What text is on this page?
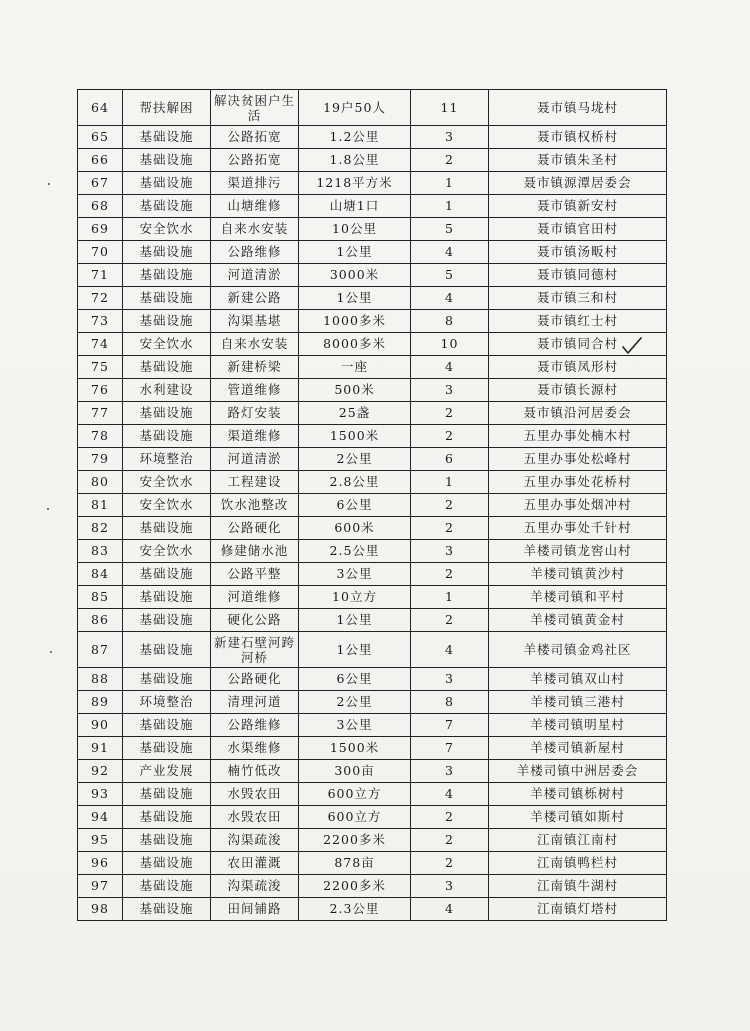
64	帮扶解困	解决贫困户生活	19户50人	11	聂市镇马垅村
65	基础设施	公路拓宽	1.2公里	3	聂市镇权桥村
66	基础设施	公路拓宽	1.8公里	2	聂市镇朱圣村
67	基础设施	渠道排污	1218平方米	1	聂市镇源潭居委会
68	基础设施	山塘维修	山塘1口	1	聂市镇新安村
69	安全饮水	自来水安装	10公里	5	聂市镇官田村
70	基础设施	公路维修	1公里	4	聂市镇汤畈村
71	基础设施	河道清淤	3000米	5	聂市镇同德村
72	基础设施	新建公路	1公里	4	聂市镇三和村
73	基础设施	沟渠基堪	1000多米	8	聂市镇红士村
74	安全饮水	自来水安装	8000多米	10	聂市镇同合村
75	基础设施	新建桥梁	一座	4	聂市镇凤形村
76	水利建设	管道维修	500米	3	聂市镇长源村
77	基础设施	路灯安装	25盏	2	聂市镇沿河居委会
78	基础设施	渠道维修	1500米	2	五里办事处楠木村
79	环境整治	河道清淤	2公里	6	五里办事处松峰村
80	安全饮水	工程建设	2.8公里	1	五里办事处花桥村
81	安全饮水	饮水池整改	6公里	2	五里办事处烟冲村
82	基础设施	公路硬化	600米	2	五里办事处千针村
83	安全饮水	修建储水池	2.5公里	3	羊楼司镇龙窖山村
84	基础设施	公路平整	3公里	2	羊楼司镇黄沙村
85	基础设施	河道维修	10立方	1	羊楼司镇和平村
86	基础设施	硬化公路	1公里	2	羊楼司镇黄金村
87	基础设施	新建石壁河跨河桥	1公里	4	羊楼司镇金鸡社区
88	基础设施	公路硬化	6公里	3	羊楼司镇双山村
89	环境整治	清理河道	2公里	8	羊楼司镇三港村
90	基础设施	公路维修	3公里	7	羊楼司镇明星村
91	基础设施	水渠维修	1500米	7	羊楼司镇新屋村
92	产业发展	楠竹低改	300亩	3	羊楼司镇中洲居委会
93	基础设施	水毁农田	600立方	4	羊楼司镇栎树村
94	基础设施	水毁农田	600立方	2	羊楼司镇如斯村
95	基础设施	沟渠疏浚	2200多米	2	江南镇江南村
96	基础设施	农田灌溉	878亩	2	江南镇鸭栏村
97	基础设施	沟渠疏浚	2200多米	3	江南镇牛湖村
98	基础设施	田间铺路	2.3公里	4	江南镇灯塔村
